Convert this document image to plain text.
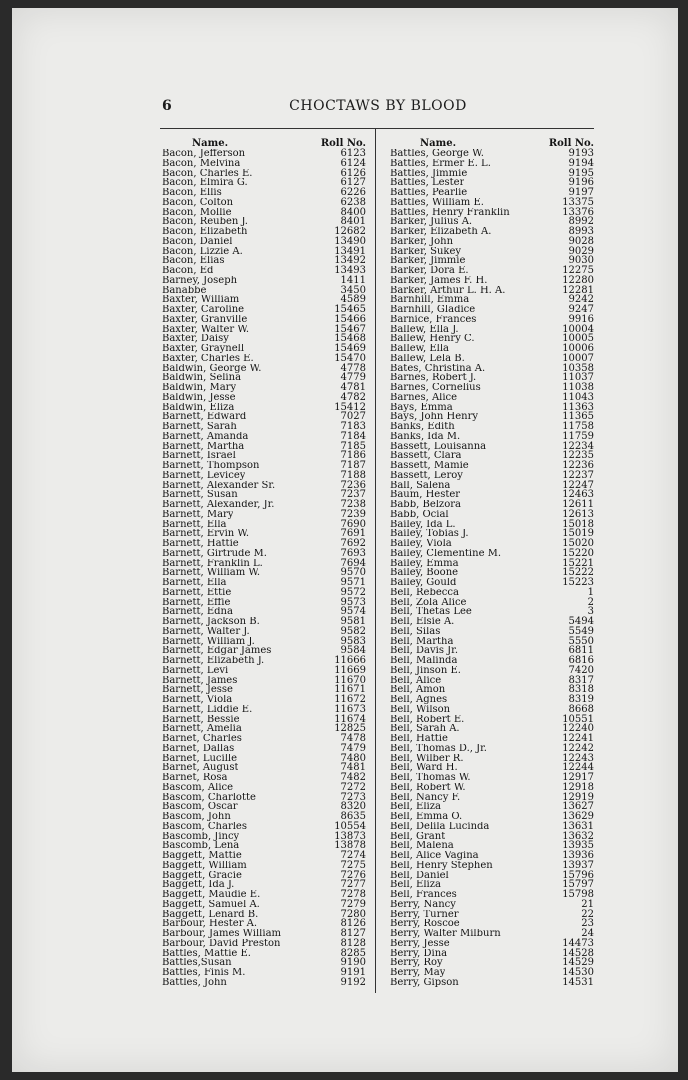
6	CHOCTAWS BY BLOOD
Name.	Roll No.
Bacon, Jefferson	6123
Bacon, Melvina	6124
Bacon, Charles E.	6126
Bacon, Elmira G.	6127
Bacon, Ellis	6226
Bacon, Colton	6238
Bacon, Mollie	8400
Bacon, Reuben J.	8401
Bacon, Elizabeth	12682
Bacon, Daniel	13490
Bacon, Lizzie A.	13491
Bacon, Elias	13492
Bacon, Ed	13493
Barney, Joseph	1411
Banabbe	3450
Baxter, William	4589
Baxter, Caroline	15465
Baxter, Granville	15466
Baxter, Walter W.	15467
Baxter, Daisy	15468
Baxter, Graynell	15469
Baxter, Charles E.	15470
Baldwin, George W.	4778
Baldwin, Selina	4779
Baldwin, Mary	4781
Baldwin, Jesse	4782
Baldwin, Eliza	15412
Barnett, Edward	7027
Barnett, Sarah	7183
Barnett, Amanda	7184
Barnett, Martha	7185
Barnett, Israel	7186
Barnett, Thompson	7187
Barnett, Levicey	7188
Barnett, Alexander Sr.	7236
Barnett, Susan	7237
Barnett, Alexander, Jr.	7238
Barnett, Mary	7239
Barnett, Ella	7690
Barnett, Ervin W.	7691
Barnett, Hattie	7692
Barnett, Girtrude M.	7693
Barnett, Franklin L.	7694
Barnett, William W.	9570
Barnett, Ella	9571
Barnett, Ettie	9572
Barnett, Effie	9573
Barnett, Edna	9574
Barnett, Jackson B.	9581
Barnett, Walter J.	9582
Barnett, William J.	9583
Barnett, Edgar James	9584
Barnett, Elizabeth J.	11666
Barnett, Levi	11669
Barnett, James	11670
Barnett, Jesse	11671
Barnett, Viola	11672
Barnett, Liddie E.	11673
Barnett, Bessie	11674
Barnett, Amelia	12825
Barnet, Charles	7478
Barnet, Dallas	7479
Barnet, Lucille	7480
Barnet, August	7481
Barnet, Rosa	7482
Bascom, Alice	7272
Bascom, Charlotte	7273
Bascom, Oscar	8320
Bascom, John	8635
Bascom, Charles	10554
Bascomb, Jincy	13873
Bascomb, Lena	13878
Baggett, Mattie	7274
Baggett, William	7275
Baggett, Gracie	7276
Baggett, Ida J.	7277
Baggett, Maudie E.	7278
Baggett, Samuel A.	7279
Baggett, Lenard B.	7280
Barbour, Hester A.	8126
Barbour, James William	8127
Barbour, David Preston	8128
Battles, Mattie E.	8285
Battles,Susan	9190
Battles, Finis M.	9191
Battles, John	9192
Name.	Roll No.
Battles, George W.	9193
Battles, Ermer E. L.	9194
Battles, Jimmie	9195
Battles, Lester	9196
Battles, Pearlie	9197
Battles, William E.	13375
Battles, Henry Franklin	13376
Barker, Julius A.	8992
Barker, Elizabeth A.	8993
Barker, John	9028
Barker, Sukey	9029
Barker, Jimmie	9030
Barker, Dora E.	12275
Barker, James F. H.	12280
Barker, Arthur L. H. A.	12281
Barnhill, Emma	9242
Barnhill, Gladice	9247
Barnice, Frances	9916
Ballew, Ella J.	10004
Ballew, Henry C.	10005
Ballew, Ella	10006
Ballew, Lela B.	10007
Bates, Christina A.	10358
Barnes, Robert J.	11037
Barnes, Cornelius	11038
Barnes, Alice	11043
Bays, Emma	11363
Bays, John Henry	11365
Banks, Edith	11758
Banks, Ida M.	11759
Bassett, Louisanna	12234
Bassett, Clara	12235
Bassett, Mamie	12236
Bassett, Leroy	12237
Ball, Salena	12247
Baum, Hester	12463
Babb, Belzora	12611
Babb, Ocial	12613
Bailey, Ida L.	15018
Bailey, Tobias J.	15019
Bailey, Viola	15020
Bailey, Clementine M.	15220
Bailey, Emma	15221
Bailey, Boone	15222
Bailey, Gould	15223
Bell, Rebecca	1
Bell, Zola Alice	2
Bell, Thetas Lee	3
Bell, Elsie A.	5494
Bell, Silas	5549
Bell, Martha	5550
Bell, Davis Jr.	6811
Bell, Malinda	6816
Bell, Jinson E.	7420
Bell, Alice	8317
Bell, Amon	8318
Bell, Agnes	8319
Bell, Wilson	8668
Bell, Robert E.	10551
Bell, Sarah A.	12240
Bell, Hattie	12241
Bell, Thomas D., Jr.	12242
Bell, Wilber R.	12243
Bell, Ward H.	12244
Bell, Thomas W.	12917
Bell, Robert W.	12918
Bell, Nancy F.	12919
Bell, Eliza	13627
Bell, Emma O.	13629
Bell, Delila Lucinda	13631
Bell, Grant	13632
Bell, Malena	13935
Bell, Alice Vagina	13936
Bell, Henry Stephen	13937
Bell, Daniel	15796
Bell, Eliza	15797
Bell, Frances	15798
Berry, Nancy	21
Berry, Turner	22
Berry, Roscoe	23
Berry, Walter Milburn	24
Berry, Jesse	14473
Berry, Dina	14528
Berry, Roy	14529
Berry, May	14530
Berry, Gipson	14531
